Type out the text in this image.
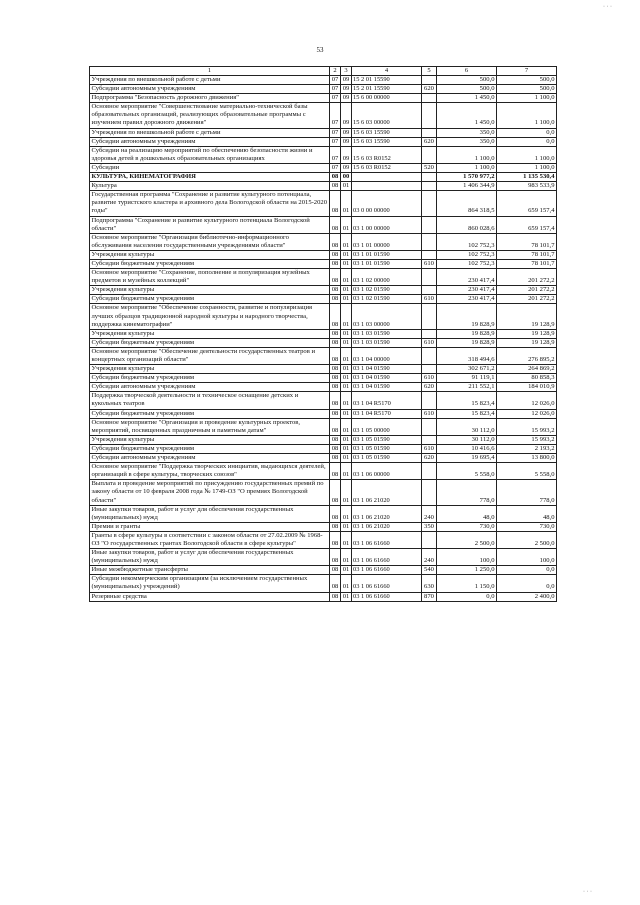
53
1	2	3	4	5	6	7
Учреждения по внешкольной работе с детьми	07	09	15 2 01 15590		500,0	500,0
Субсидии автономным учреждениям	07	09	15 2 01 15590	620	500,0	500,0
Подпрограмма "Безопасность дорожного движения"	07	09	15 6 00 00000		1 450,0	1 100,0
Основное мероприятие "Совершенствование материально-технической базы образовательных организаций, реализующих образовательные программы с изучением правил дорожного движения"	07	09	15 6 03 00000		1 450,0	1 100,0
Учреждения по внешкольной работе с детьми	07	09	15 6 03 15590		350,0	0,0
Субсидии автономным учреждениям	07	09	15 6 03 15590	620	350,0	0,0
Субсидии на реализацию мероприятий по обеспечению безопасности жизни и здоровья детей в дошкольных образовательных организациях	07	09	15 6 03 R0152		1 100,0	1 100,0
Субсидии	07	09	15 6 03 R0152	520	1 100,0	1 100,0
КУЛЬТУРА, КИНЕМАТОГРАФИЯ	08	00			1 570 977,2	1 135 530,4
Культура	08	01			1 406 344,9	983 533,9
Государственная программа "Сохранение и развитие культурного потенциала, развитие туристского кластера и архивного дела Вологодской области на 2015-2020 годы"	08	01	03 0 00 00000		864 318,5	659 157,4
Подпрограмма "Сохранение и развитие культурного потенциала Вологодской области"	08	01	03 1 00 00000		860 028,6	659 157,4
Основное мероприятие "Организация библиотечно-информационного обслуживания населения государственными учреждениями области"	08	01	03 1 01 00000		102 752,3	78 101,7
Учреждения культуры	08	01	03 1 01 01590		102 752,3	78 101,7
Субсидии бюджетным учреждениям	08	01	03 1 01 01590	610	102 752,3	78 101,7
Основное мероприятие "Сохранение, пополнение и популяризация музейных предметов и музейных коллекций"	08	01	03 1 02 00000		230 417,4	201 272,2
Учреждения культуры	08	01	03 1 02 01590		230 417,4	201 272,2
Субсидии бюджетным учреждениям	08	01	03 1 02 01590	610	230 417,4	201 272,2
Основное мероприятие "Обеспечение сохранности, развитие и популяризация лучших образцов традиционной народной культуры и народного творчества, поддержка кинематографии"	08	01	03 1 03 00000		19 828,9	19 128,9
Учреждения культуры	08	01	03 1 03 01590		19 828,9	19 128,9
Субсидии бюджетным учреждениям	08	01	03 1 03 01590	610	19 828,9	19 128,9
Основное мероприятие "Обеспечение деятельности государственных театров и концертных организаций области"	08	01	03 1 04 00000		318 494,6	276 895,2
Учреждения культуры	08	01	03 1 04 01590		302 671,2	264 869,2
Субсидии бюджетным учреждениям	08	01	03 1 04 01590	610	91 119,1	80 858,3
Субсидии автономным учреждениям	08	01	03 1 04 01590	620	211 552,1	184 010,9
Поддержка творческой деятельности и техническое оснащение детских и кукольных театров	08	01	03 1 04 R5170		15 823,4	12 026,0
Субсидии бюджетным учреждениям	08	01	03 1 04 R5170	610	15 823,4	12 026,0
Основное мероприятие "Организация и проведение культурных проектов, мероприятий, посвященных праздничным и памятным датам"	08	01	03 1 05 00000		30 112,0	15 993,2
Учреждения культуры	08	01	03 1 05 01590		30 112,0	15 993,2
Субсидии бюджетным учреждениям	08	01	03 1 05 01590	610	10 416,6	2 193,2
Субсидии автономным учреждениям	08	01	03 1 05 01590	620	19 695,4	13 800,0
Основное мероприятие "Поддержка творческих инициатив, выдающихся деятелей, организаций в сфере культуры, творческих союзов"	08	01	03 1 06 00000		5 558,0	5 558,0
Выплата и проведение мероприятий по присуждению государственных премий по закону области от 10 февраля 2008 года № 1749-ОЗ "О премиях Вологодской области"	08	01	03 1 06 21020		778,0	778,0
Иные закупки товаров, работ и услуг для обеспечения государственных (муниципальных) нужд	08	01	03 1 06 21020	240	48,0	48,0
Премии и гранты	08	01	03 1 06 21020	350	730,0	730,0
Гранты в сфере культуры в соответствии с законом области от 27.02.2009 № 1968-ОЗ "О государственных грантах Вологодской области в сфере культуры"	08	01	03 1 06 61660		2 500,0	2 500,0
Иные закупки товаров, работ и услуг для обеспечения государственных (муниципальных) нужд	08	01	03 1 06 61660	240	100,0	100,0
Иные межбюджетные трансферты	08	01	03 1 06 61660	540	1 250,0	0,0
Субсидии некоммерческим организациям (за исключением государственных (муниципальных) учреждений)	08	01	03 1 06 61660	630	1 150,0	0,0
Резервные средства	08	01	03 1 06 61660	870	0,0	2 400,0
· · ·
· · ·
